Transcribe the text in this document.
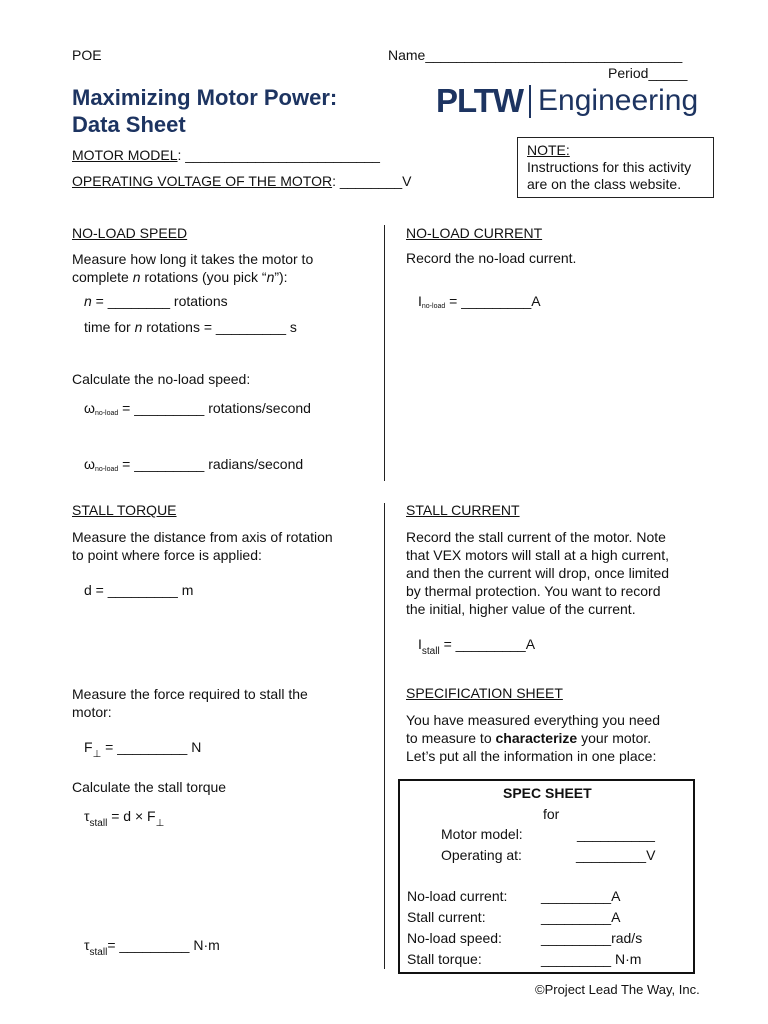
POE	Name_________________________________
Period_____
Maximizing Motor Power:
Data Sheet
PLTW Engineering
MOTOR MODEL: _________________________
OPERATING VOLTAGE OF THE MOTOR: ________V
NOTE:
Instructions for this activity
are on the class website.
NO-LOAD SPEED
Measure how long it takes the motor to
complete n rotations (you pick “n”):
n = ________ rotations
time for n rotations = _________ s
Calculate the no-load speed:
$\omega_{no-load}$ = _________ rotations/second
$\omega_{no-load}$ = _________ radians/second
NO-LOAD CURRENT
Record the no-load current.
$I_{no-load}$ = _________A
STALL TORQUE
Measure the distance from axis of rotation
to point where force is applied:
d = _________ m
Measure the force required to stall the
motor:
$F_\perp$ = _________ N
Calculate the stall torque
$\tau_{stall} = d \times F_\perp$
$\tau_{stall}=$ _________ N·m
STALL CURRENT
Record the stall current of the motor. Note
that VEX motors will stall at a high current,
and then the current will drop, once limited
by thermal protection. You want to record
the initial, higher value of the current.
$I_{stall}$ = _________A
SPECIFICATION SHEET
You have measured everything you need
to measure to characterize your motor.
Let’s put all the information in one place:
SPEC SHEET
for
Motor model:	__________
Operating at:	_________V
No-load current: _________A
Stall current:	_________A
No-load speed:	_________rad/s
Stall torque:	_________ N·m
©Project Lead The Way, Inc.
